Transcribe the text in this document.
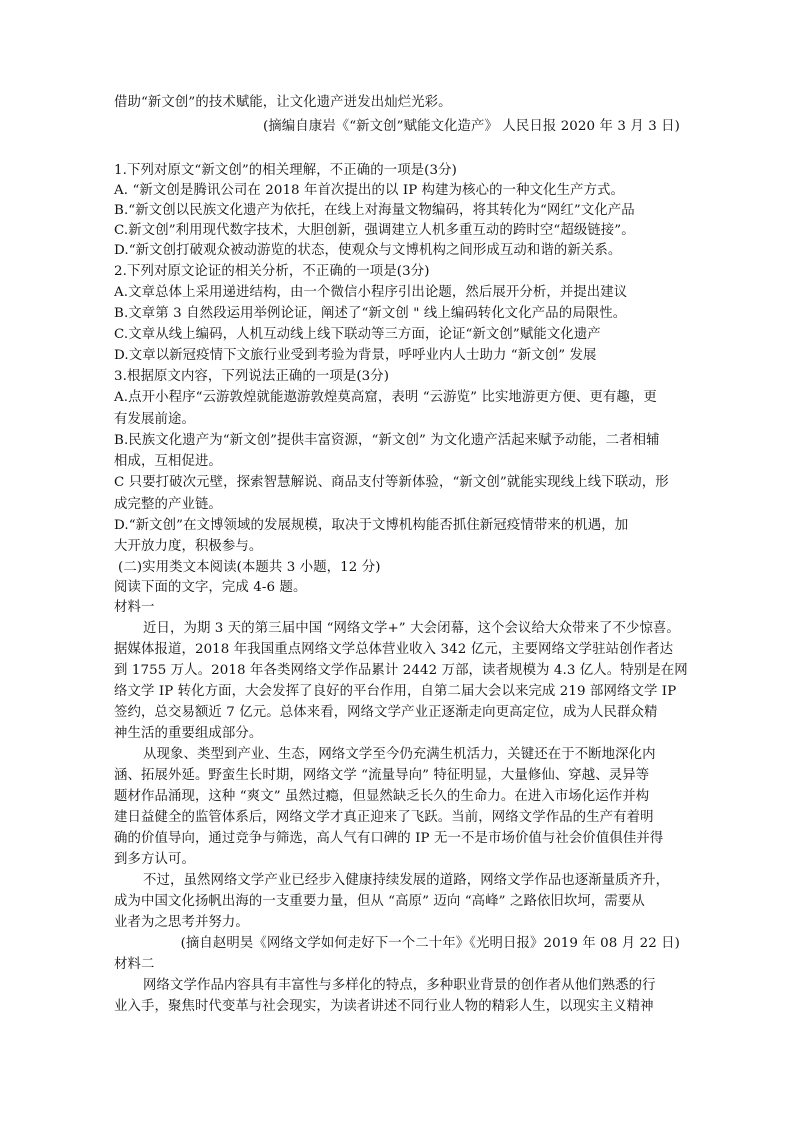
借助“新文创”的技术赋能，让文化遗产迸发出灿烂光彩。
(摘编自康岩《“新文创”赋能文化造产》 人民日报 2020 年 3 月 3 日)
1.下列对原文“新文创”的相关理解，不正确的一项是(3分)
A. “新文创是腾讯公司在 2018 年首次提出的以 IP 构建为核心的一种文化生产方式。
B.“新文创以民族文化遗产为依托，在线上对海量文物编码，将其转化为“网红”文化产品
C.新文创”利用现代数字技术，大胆创新，强调建立人机多重互动的跨时空“超级链接”。
D.“新文创打破观众被动游览的状态，使观众与文博机构之间形成互动和谐的新关系。
2.下列对原文论证的相关分析，不正确的一项是(3分)
A.文章总体上采用递进结构，由一个微信小程序引出论题，然后展开分析，并提出建议
B.文章第 3 自然段运用举例论证，阐述了“新文创 " 线上编码转化文化产品的局限性。
C.文章从线上编码，人机互动线上线下联动等三方面，论证“新文创”赋能文化遗产
D.文章以新冠疫情下文旅行业受到考验为背景，呼呼业内人士助力 “新文创” 发展
3.根据原文内容，下列说法正确的一项是(3分)
A.点开小程序“云游敦煌就能遨游敦煌莫高窟，表明 “云游览” 比实地游更方便、更有趣，更
有发展前途。
B.民族文化遗产为“新文创”提供丰富资源，“新文创” 为文化遗产活起来赋予动能，二者相辅
相成，互相促进。
C 只要打破次元壁，探索智慧解说、商品支付等新体验，“新文创”就能实现线上线下联动，形
成完整的产业链。
D.“新文创”在文博领域的发展规模，取决于文博机构能否抓住新冠疫情带来的机遇，加
大开放力度，积极参与。
(二)实用类文本阅读(本题共 3 小题，12 分)
阅读下面的文字，完成 4-6 题。
材料一
近日，为期 3 天的第三届中国 “网络文学+” 大会闭幕，这个会议给大众带来了不少惊喜。
据媒体报道，2018 年我国重点网络文学总体营业收入 342 亿元，主要网络文学驻站创作者达
到 1755 万人。2018 年各类网络文学作品累计 2442 万部，读者规模为 4.3 亿人。特别是在网
络文学 IP 转化方面，大会发挥了良好的平台作用，自第二届大会以来完成 219 部网络文学 IP
签约，总交易额近 7 亿元。总体来看，网络文学产业正逐渐走向更高定位，成为人民群众精
神生活的重要组成部分。
从现象、类型到产业、生态，网络文学至今仍充满生机活力，关键还在于不断地深化内
涵、拓展外延。野蛮生长时期，网络文学 “流量导向” 特征明显，大量修仙、穿越、灵异等
题材作品涌现，这种 “爽文” 虽然过瘾，但显然缺乏长久的生命力。在进入市场化运作并构
建日益健全的监管体系后，网络文学才真正迎来了飞跃。当前，网络文学作品的生产有着明
确的价值导向，通过竞争与筛选，高人气有口碑的 IP 无一不是市场价值与社会价值俱佳并得
到多方认可。
不过，虽然网络文学产业已经步入健康持续发展的道路，网络文学作品也逐渐量质齐升，
成为中国文化扬帆出海的一支重要力量，但从 “高原” 迈向 “高峰” 之路依旧坎坷，需要从
业者为之思考并努力。
(摘自赵明昊《网络文学如何走好下一个二十年》《光明日报》2019 年 08 月 22 日)
材料二
网络文学作品内容具有丰富性与多样化的特点，多种职业背景的创作者从他们熟悉的行
业入手，聚焦时代变革与社会现实，为读者讲述不同行业人物的精彩人生，以现实主义精神
